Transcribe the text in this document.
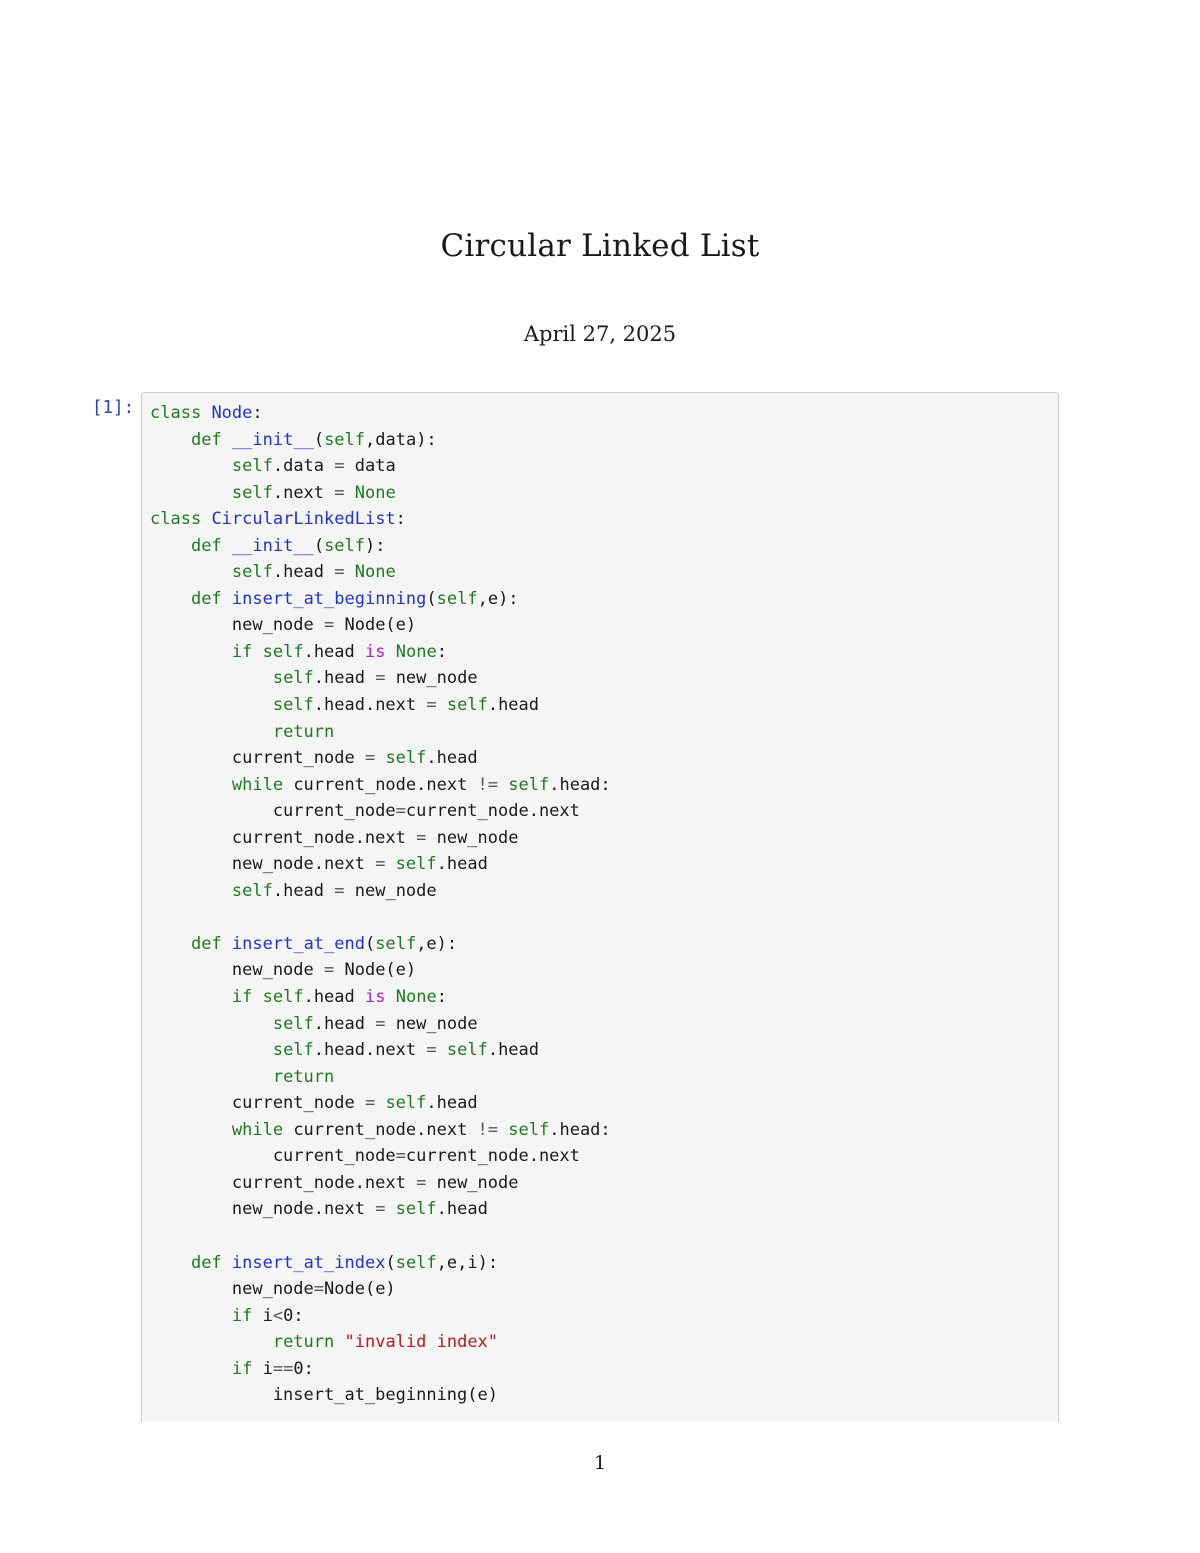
Circular Linked List
April 27, 2025
[1]: class Node:
def __init__(self,data):
self.data = data
self.next = None
class CircularLinkedList:
def __init__(self):
self.head = None
def insert_at_beginning(self,e):
new_node = Node(e)
if self.head is None:
self.head = new_node
self.head.next = self.head
return
current_node = self.head
while current_node.next != self.head:
current_node=current_node.next
current_node.next = new_node
new_node.next = self.head
self.head = new_node
def insert_at_end(self,e):
new_node = Node(e)
if self.head is None:
self.head = new_node
self.head.next = self.head
return
current_node = self.head
while current_node.next != self.head:
current_node=current_node.next
current_node.next = new_node
new_node.next = self.head
def insert_at_index(self,e,i):
new_node=Node(e)
if i<0:
return "invalid index"
if i==0:
insert_at_beginning(e)
1
